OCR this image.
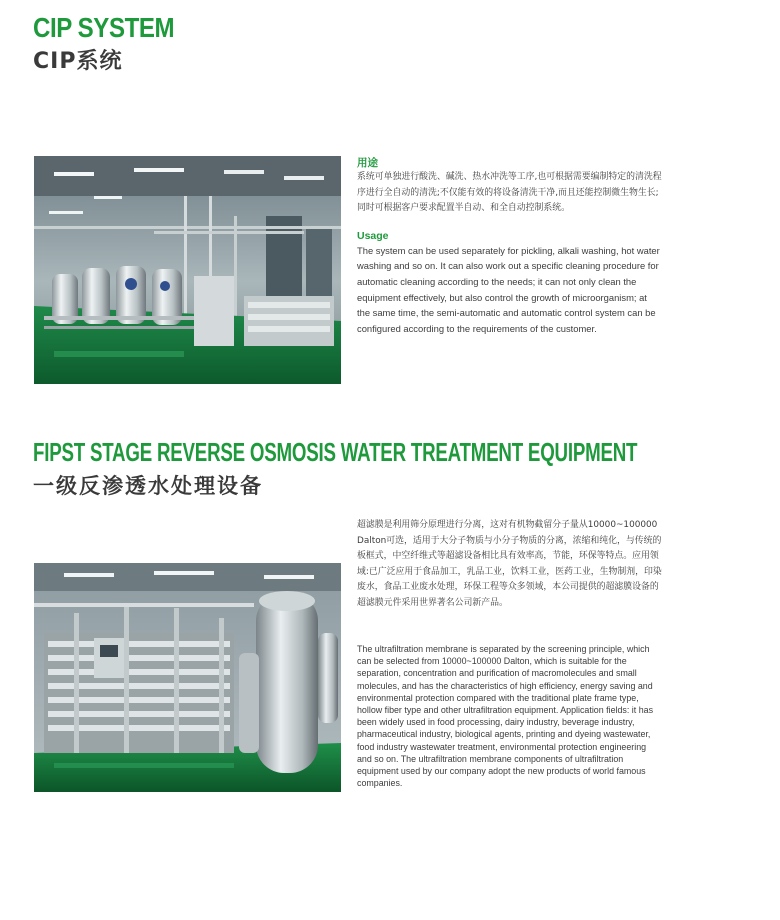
CIP SYSTEM
CIP系统
用途
系统可单独进行酸洗、碱洗、热水冲洗等工序,也可根据需要编制特定的清洗程序进行全自动的清洗;不仅能有效的将设备清洗干净,而且还能控制微生物生长;同时可根据客户要求配置半自动、和全自动控制系统。
Usage
The system can be used separately for pickling, alkali washing, hot water washing and so on. It can also work out a specific cleaning procedure for automatic cleaning according to the needs; it can not only clean the equipment effectively, but also control the growth of microorganism; at the same time, the semi-automatic and automatic control system can be configured according to the requirements of the customer.
FIPST STAGE REVERSE OSMOSIS WATER TREATMENT EQUIPMENT
一级反渗透水处理设备
超滤膜是利用筛分原理进行分离，这对有机物截留分子量从10000~100000 Dalton可选，适用于大分子物质与小分子物质的分离，浓缩和纯化，与传统的板框式，中空纤维式等超滤设备相比具有效率高，节能，环保等特点。应用领域:已广泛应用于食品加工，乳品工业，饮料工业，医药工业，生物制剂，印染废水，食品工业废水处理，环保工程等众多领域，本公司提供的超滤膜设备的超滤膜元件采用世界著名公司新产品。
The ultrafiltration membrane is separated by the screening principle, which can be selected from 10000~100000 Dalton, which is suitable for the separation, concentration and purification of macromolecules and small molecules, and has the characteristics of high efficiency, energy saving and environmental protection compared with the traditional plate frame type, hollow fiber type and other ultrafiltration equipment. Application fields: it has been widely used in food processing, dairy industry, beverage industry, pharmaceutical industry, biological agents, printing and dyeing wastewater, food industry wastewater treatment, environmental protection engineering and so on. The ultrafiltration membrane components of ultrafiltration equipment used by our company adopt the new products of world famous companies.
